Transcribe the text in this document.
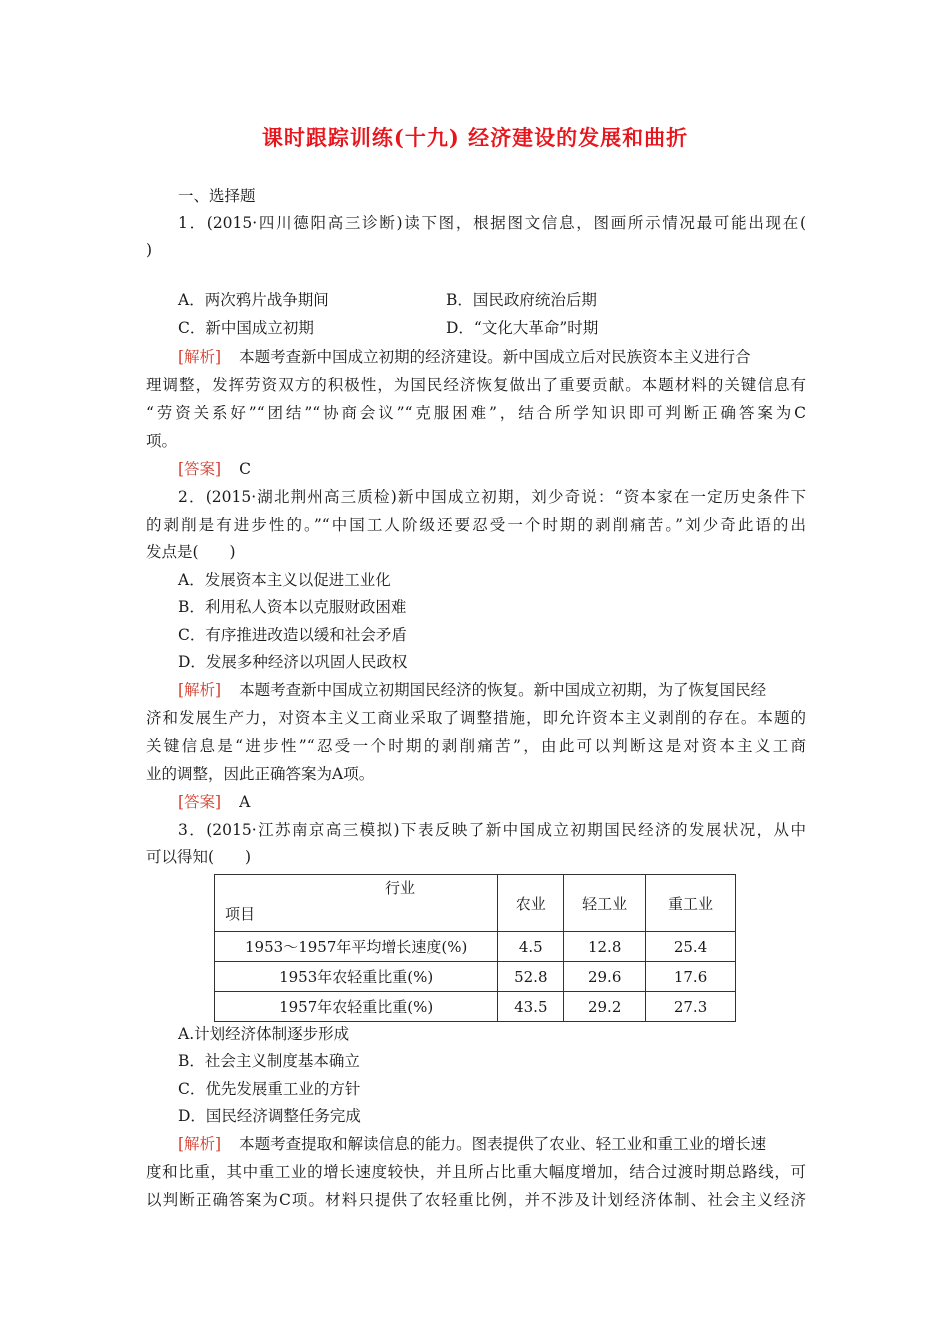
课时跟踪训练(十九) 经济建设的发展和曲折
一、选择题
1．(2015·四川德阳高三诊断)读下图，根据图文信息，图画所示情况最可能出现在(
)
A．两次鸦片战争期间	B．国民政府统治后期
C．新中国成立初期	D．“文化大革命”时期
[解析] 本题考查新中国成立初期的经济建设。新中国成立后对民族资本主义进行合
理调整，发挥劳资双方的积极性，为国民经济恢复做出了重要贡献。本题材料的关键信息有
“劳资关系好”“团结”“协商会议”“克服困难”，结合所学知识即可判断正确答案为C
项。
[答案] C
2．(2015·湖北荆州高三质检)新中国成立初期，刘少奇说：“资本家在一定历史条件下
的剥削是有进步性的。”“中国工人阶级还要忍受一个时期的剥削痛苦。”刘少奇此语的出
发点是(　　)
A．发展资本主义以促进工业化
B．利用私人资本以克服财政困难
C．有序推进改造以缓和社会矛盾
D．发展多种经济以巩固人民政权
[解析] 本题考查新中国成立初期国民经济的恢复。新中国成立初期，为了恢复国民经
济和发展生产力，对资本主义工商业采取了调整措施，即允许资本主义剥削的存在。本题的
关键信息是“进步性”“忍受一个时期的剥削痛苦”，由此可以判断这是对资本主义工商
业的调整，因此正确答案为A项。
[答案] A
3．(2015·江苏南京高三模拟)下表反映了新中国成立初期国民经济的发展状况，从中
可以得知(　　)
行业
项目	农业	轻工业	重工业
1953～1957年平均增长速度(%)	4.5	12.8	25.4
1953年农轻重比重(%)	52.8	29.6	17.6
1957年农轻重比重(%)	43.5	29.2	27.3
A.计划经济体制逐步形成
B．社会主义制度基本确立
C．优先发展重工业的方针
D．国民经济调整任务完成
[解析] 本题考查提取和解读信息的能力。图表提供了农业、轻工业和重工业的增长速
度和比重，其中重工业的增长速度较快，并且所占比重大幅度增加，结合过渡时期总路线，可
以判断正确答案为C项。材料只提供了农轻重比例，并不涉及计划经济体制、社会主义经济
